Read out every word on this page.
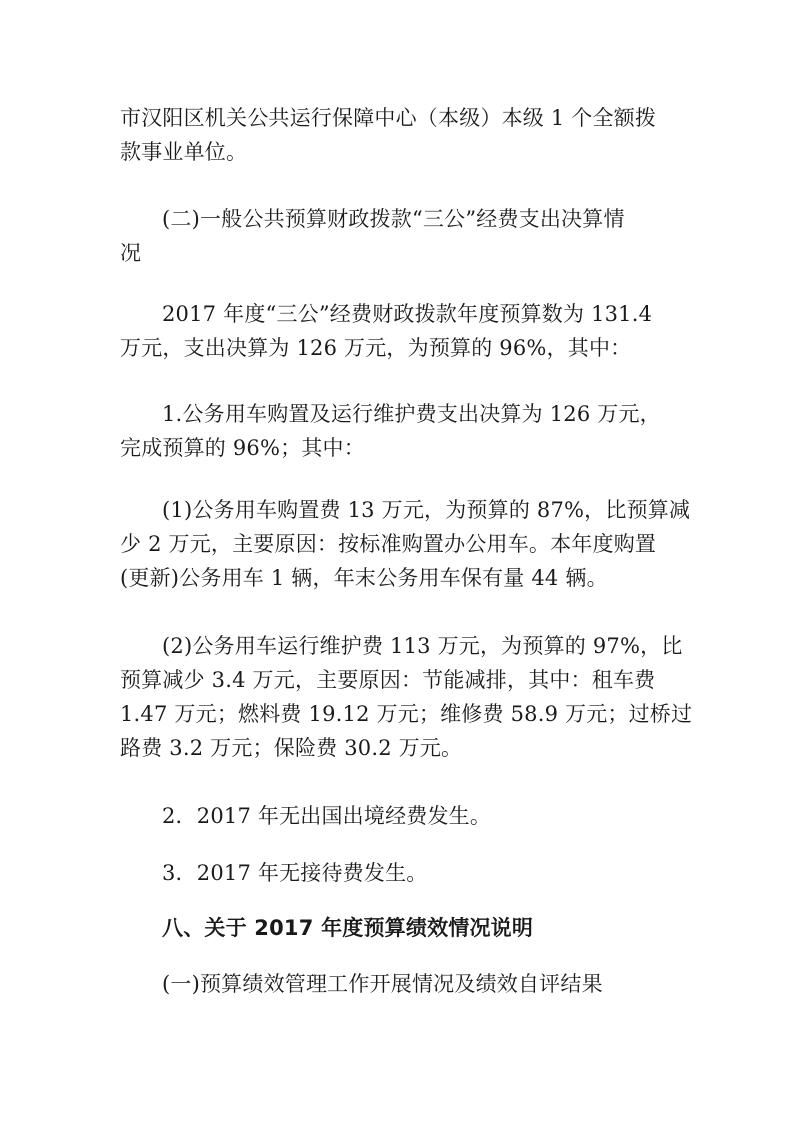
市汉阳区机关公共运行保障中心（本级）本级 1 个全额拨
款事业单位。

(二)一般公共预算财政拨款“三公”经费支出决算情
况

2017 年度“三公”经费财政拨款年度预算数为 131.4
万元，支出决算为 126 万元，为预算的 96%，其中：

1.公务用车购置及运行维护费支出决算为 126 万元，
完成预算的 96%；其中：

(1)公务用车购置费 13 万元，为预算的 87%，比预算减
少 2 万元，主要原因：按标准购置办公用车。本年度购置
(更新)公务用车 1 辆，年末公务用车保有量 44 辆。

(2)公务用车运行维护费 113 万元，为预算的 97%，比
预算减少 3.4 万元，主要原因：节能减排，其中：租车费
1.47 万元；燃料费 19.12 万元；维修费 58.9 万元；过桥过
路费 3.2 万元；保险费 30.2 万元。

2．2017 年无出国出境经费发生。

3．2017 年无接待费发生。

八、关于 2017 年度预算绩效情况说明

(一)预算绩效管理工作开展情况及绩效自评结果
